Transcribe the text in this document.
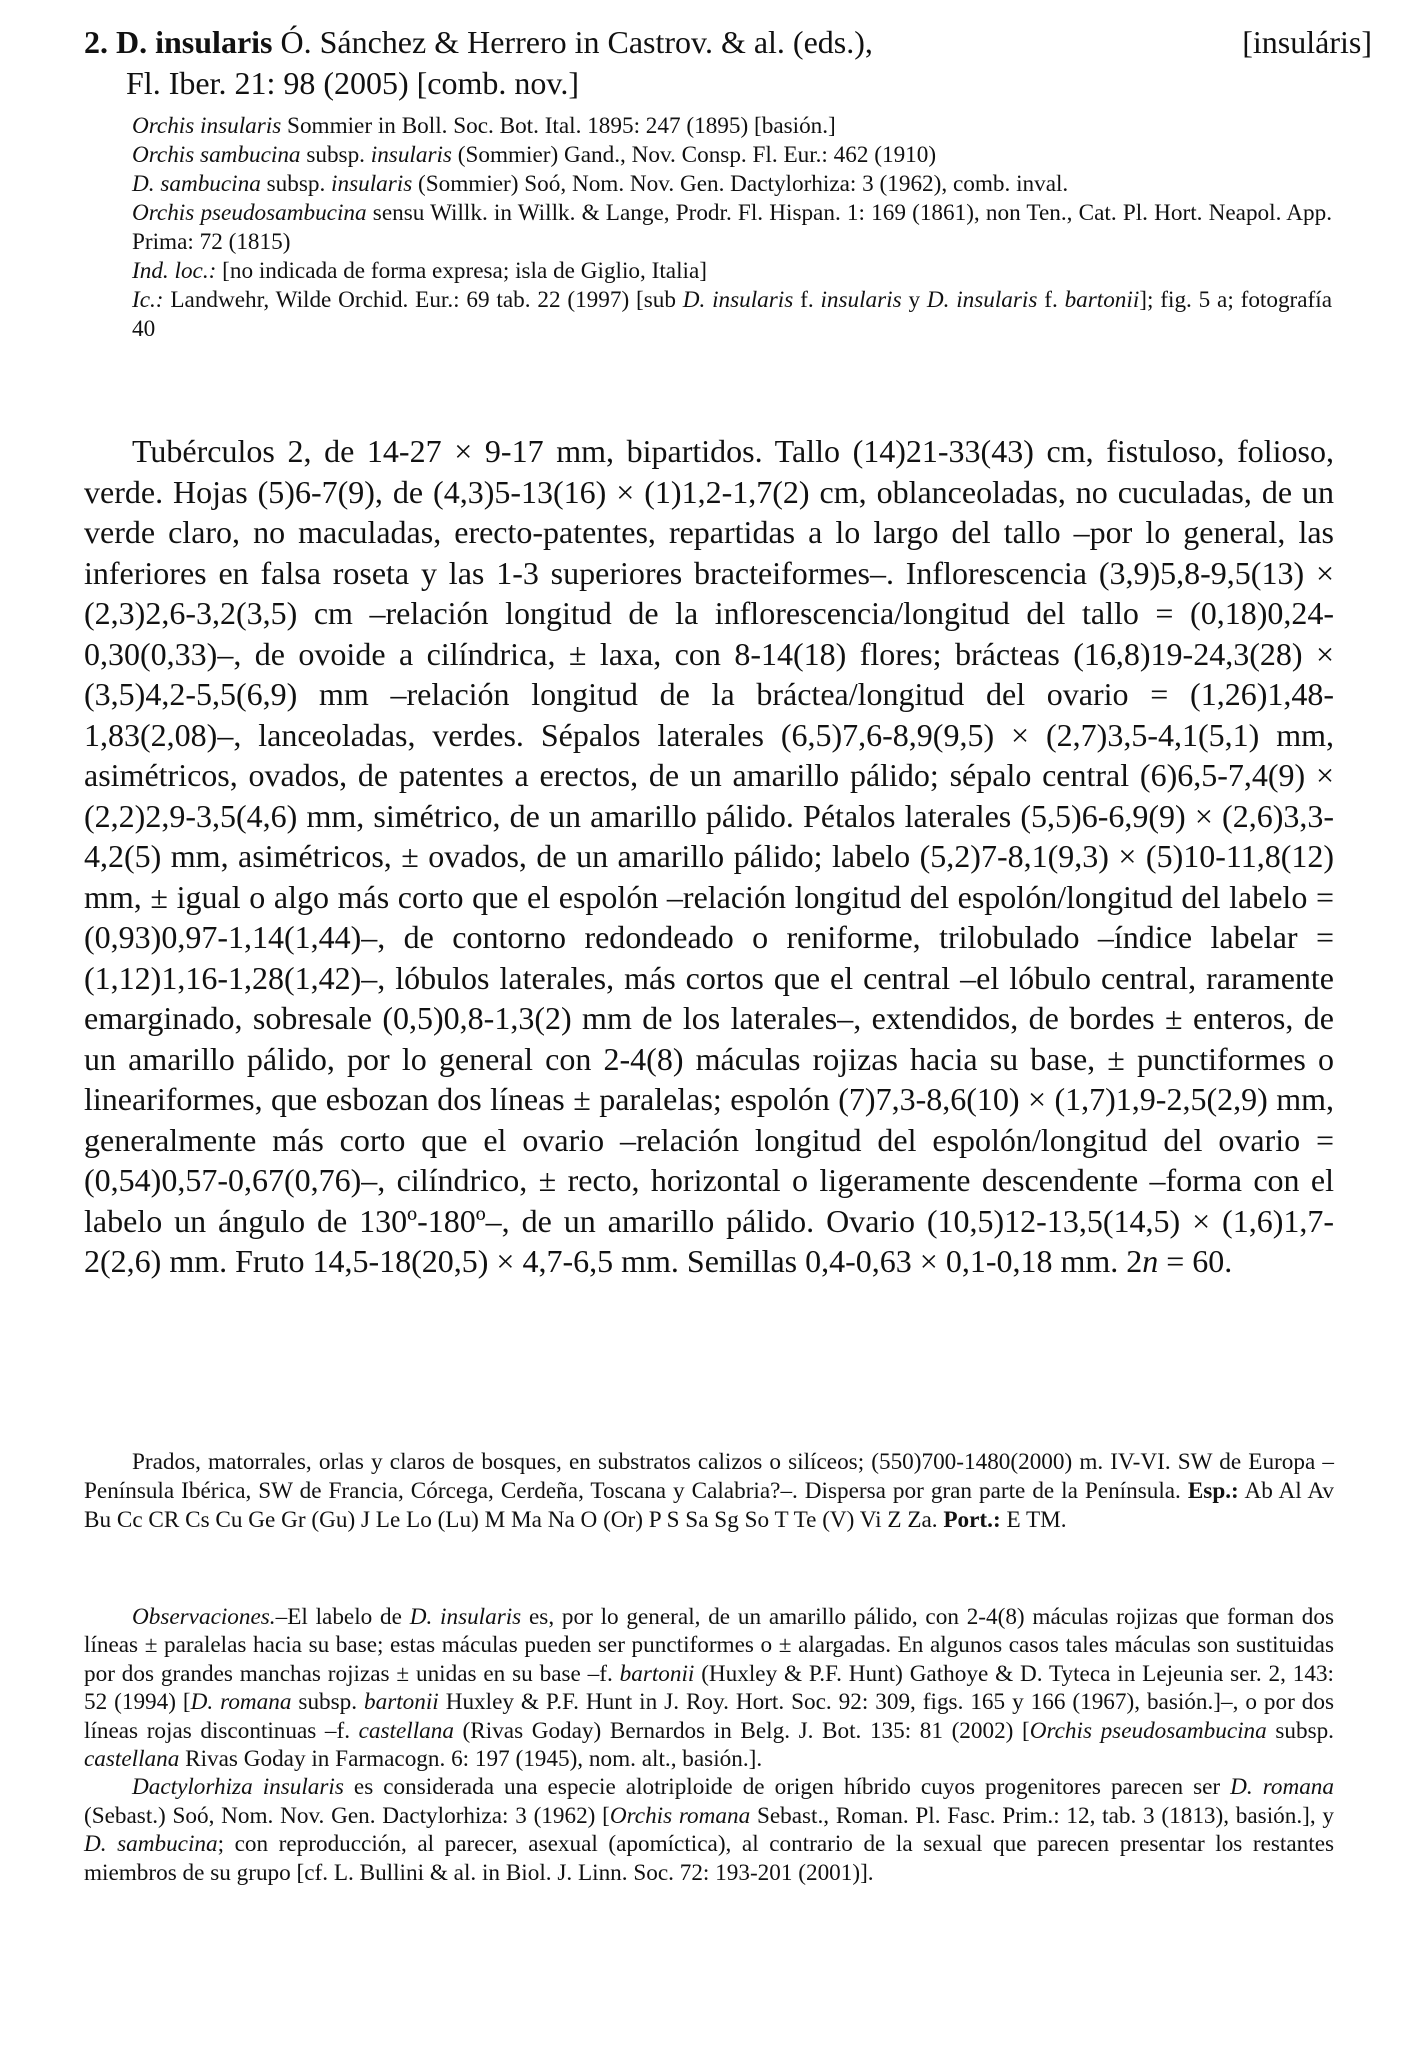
2. D. insularis Ó. Sánchez & Herrero in Castrov. & al. (eds.),	[insuláris]

Fl. Iber. 21: 98 (2005) [comb. nov.]

Orchis insularis Sommier in Boll. Soc. Bot. Ital. 1895: 247 (1895) [basión.]

Orchis sambucina subsp. insularis (Sommier) Gand., Nov. Consp. Fl. Eur.: 462 (1910)

D. sambucina subsp. insularis (Sommier) Soó, Nom. Nov. Gen. Dactylorhiza: 3 (1962), comb. inval.

Orchis pseudosambucina sensu Willk. in Willk. & Lange, Prodr. Fl. Hispan. 1: 169 (1861), non Ten., Cat. Pl. Hort. Neapol. App. Prima: 72 (1815)

Ind. loc.: [no indicada de forma expresa; isla de Giglio, Italia]

Ic.: Landwehr, Wilde Orchid. Eur.: 69 tab. 22 (1997) [sub D. insularis f. insularis y D. insularis f. bartonii]; fig. 5 a; fotografía 40

Tubérculos 2, de 14-27 × 9-17 mm, bipartidos. Tallo (14)21-33(43) cm, fistuloso, folioso, verde. Hojas (5)6-7(9), de (4,3)5-13(16) × (1)1,2-1,7(2) cm, oblanceoladas, no cuculadas, de un verde claro, no maculadas, erecto-patentes, repartidas a lo largo del tallo –por lo general, las inferiores en falsa roseta y las 1-3 superiores bracteiformes–. Inflorescencia (3,9)5,8-9,5(13) × (2,3)2,6-3,2(3,5) cm –relación longitud de la inflorescencia/longitud del tallo = (0,18)0,24-0,30(0,33)–, de ovoide a cilíndrica, ± laxa, con 8-14(18) flores; brácteas (16,8)19-24,3(28) × (3,5)4,2-5,5(6,9) mm –relación longitud de la bráctea/longitud del ovario = (1,26)1,48-1,83(2,08)–, lanceoladas, verdes. Sépalos laterales (6,5)7,6-8,9(9,5) × (2,7)3,5-4,1(5,1) mm, asimétricos, ovados, de patentes a erectos, de un amarillo pálido; sépalo central (6)6,5-7,4(9) × (2,2)2,9-3,5(4,6) mm, simétrico, de un amarillo pálido. Pétalos laterales (5,5)6-6,9(9) × (2,6)3,3-4,2(5) mm, asimétricos, ± ovados, de un amarillo pálido; labelo (5,2)7-8,1(9,3) × (5)10-11,8(12) mm, ± igual o algo más corto que el espolón –relación longitud del espolón/longitud del labelo = (0,93)0,97-1,14(1,44)–, de contorno redondeado o reniforme, trilobulado –índice labelar = (1,12)1,16-1,28(1,42)–, lóbulos laterales, más cortos que el central –el lóbulo central, raramente emarginado, sobresale (0,5)0,8-1,3(2) mm de los laterales–, extendidos, de bordes ± enteros, de un amarillo pálido, por lo general con 2-4(8) máculas rojizas hacia su base, ± punctiformes o lineariformes, que esbozan dos líneas ± paralelas; espolón (7)7,3-8,6(10) × (1,7)1,9-2,5(2,9) mm, generalmente más corto que el ovario –relación longitud del espolón/longitud del ovario = (0,54)0,57-0,67(0,76)–, cilíndrico, ± recto, horizontal o ligeramente descendente –forma con el labelo un ángulo de 130º-180º–, de un amarillo pálido. Ovario (10,5)12-13,5(14,5) × (1,6)1,7-2(2,6) mm. Fruto 14,5-18(20,5) × 4,7-6,5 mm. Semillas 0,4-0,63 × 0,1-0,18 mm. 2n = 60.

Prados, matorrales, orlas y claros de bosques, en substratos calizos o silíceos; (550)700-1480(2000) m. IV-VI. SW de Europa –Península Ibérica, SW de Francia, Córcega, Cerdeña, Toscana y Calabria?–. Dispersa por gran parte de la Península. Esp.: Ab Al Av Bu Cc CR Cs Cu Ge Gr (Gu) J Le Lo (Lu) M Ma Na O (Or) P S Sa Sg So T Te (V) Vi Z Za. Port.: E TM.

Observaciones.–El labelo de D. insularis es, por lo general, de un amarillo pálido, con 2-4(8) máculas rojizas que forman dos líneas ± paralelas hacia su base; estas máculas pueden ser punctiformes o ± alargadas. En algunos casos tales máculas son sustituidas por dos grandes manchas rojizas ± unidas en su base –f. bartonii (Huxley & P.F. Hunt) Gathoye & D. Tyteca in Lejeunia ser. 2, 143: 52 (1994) [D. romana subsp. bartonii Huxley & P.F. Hunt in J. Roy. Hort. Soc. 92: 309, figs. 165 y 166 (1967), basión.]–, o por dos líneas rojas discontinuas –f. castellana (Rivas Goday) Bernardos in Belg. J. Bot. 135: 81 (2002) [Orchis pseudosambucina subsp. castellana Rivas Goday in Farmacogn. 6: 197 (1945), nom. alt., basión.].

Dactylorhiza insularis es considerada una especie alotriploide de origen híbrido cuyos progenitores parecen ser D. romana (Sebast.) Soó, Nom. Nov. Gen. Dactylorhiza: 3 (1962) [Orchis romana Sebast., Roman. Pl. Fasc. Prim.: 12, tab. 3 (1813), basión.], y D. sambucina; con reproducción, al parecer, asexual (apomíctica), al contrario de la sexual que parecen presentar los restantes miembros de su grupo [cf. L. Bullini & al. in Biol. J. Linn. Soc. 72: 193-201 (2001)].
